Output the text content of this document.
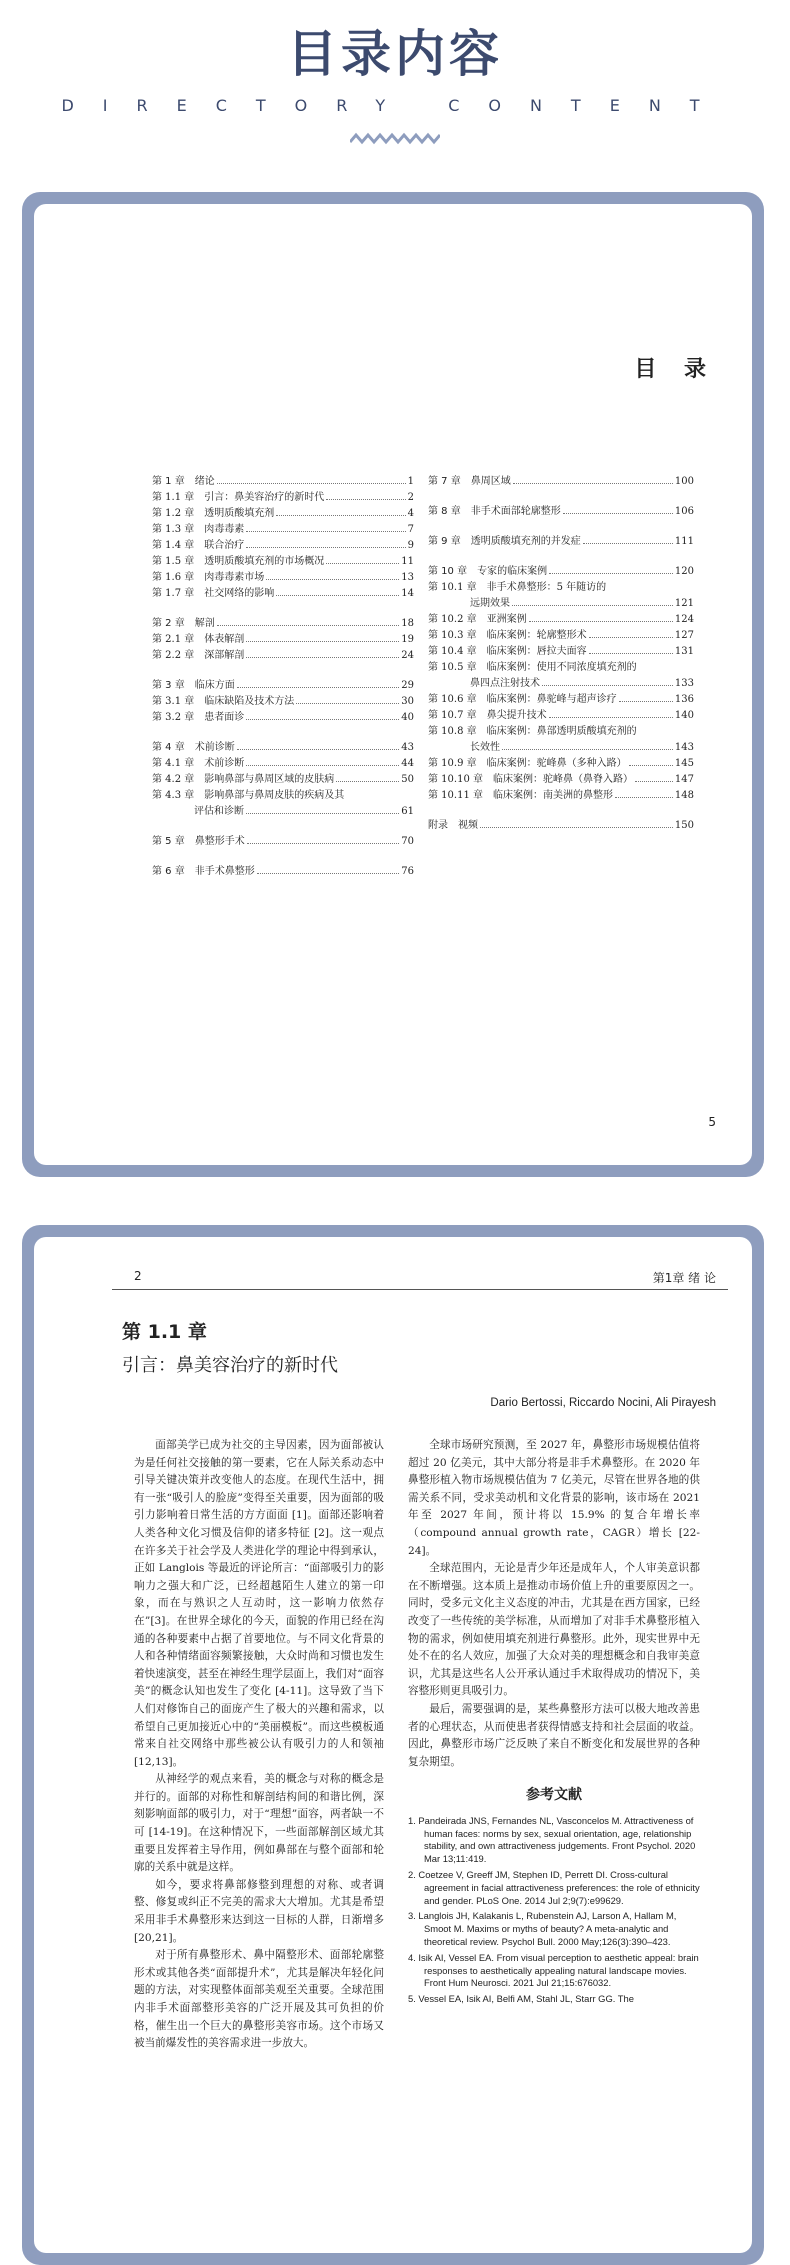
目录内容
DIRECTORY CONTENT
目 录
第 1 章　绪论	1
第 1.1 章　引言：鼻美容治疗的新时代	2
第 1.2 章　透明质酸填充剂	4
第 1.3 章　肉毒毒素	7
第 1.4 章　联合治疗	9
第 1.5 章　透明质酸填充剂的市场概况	11
第 1.6 章　肉毒毒素市场	13
第 1.7 章　社交网络的影响	14
第 2 章　解剖	18
第 2.1 章　体表解剖	19
第 2.2 章　深部解剖	24
第 3 章　临床方面	29
第 3.1 章　临床缺陷及技术方法	30
第 3.2 章　患者面诊	40
第 4 章　术前诊断	43
第 4.1 章　术前诊断	44
第 4.2 章　影响鼻部与鼻周区域的皮肤病	50
第 4.3 章　影响鼻部与鼻周皮肤的疾病及其
评估和诊断	61
第 5 章　鼻整形手术	70
第 6 章　非手术鼻整形	76
第 7 章　鼻周区域	100
第 8 章　非手术面部轮廓整形	106
第 9 章　透明质酸填充剂的并发症	111
第 10 章　专家的临床案例	120
第 10.1 章　非手术鼻整形：5 年随访的
远期效果	121
第 10.2 章　亚洲案例	124
第 10.3 章　临床案例：轮廓整形术	127
第 10.4 章　临床案例：唇拉夫面容	131
第 10.5 章　临床案例：使用不同浓度填充剂的
鼻四点注射技术	133
第 10.6 章　临床案例：鼻驼峰与超声诊疗	136
第 10.7 章　鼻尖提升技术	140
第 10.8 章　临床案例：鼻部透明质酸填充剂的
长效性	143
第 10.9 章　临床案例：驼峰鼻（多种入路）	145
第 10.10 章　临床案例：驼峰鼻（鼻脊入路）	147
第 10.11 章　临床案例：南美洲的鼻整形	148
附录　视频	150
5
2	第1章 绪 论
第 1.1 章
引言：鼻美容治疗的新时代
Dario Bertossi, Riccardo Nocini, Ali Pirayesh

面部美学已成为社交的主导因素，因为面部被认为是任何社交接触的第一要素，它在人际关系动态中引导关键决策并改变他人的态度。在现代生活中，拥有一张“吸引人的脸庞”变得至关重要，因为面部的吸引力影响着日常生活的方方面面 [1]。面部还影响着人类各种文化习惯及信仰的诸多特征 [2]。这一观点在许多关于社会学及人类进化学的理论中得到承认，正如 Langlois 等最近的评论所言：“面部吸引力的影响力之强大和广泛，已经超越陌生人建立的第一印象，而在与熟识之人互动时，这一影响力依然存在”[3]。在世界全球化的今天，面貌的作用已经在沟通的各种要素中占据了首要地位。与不同文化背景的人和各种情绪面容频繁接触，大众时尚和习惯也发生着快速演变，甚至在神经生理学层面上，我们对“面容美”的概念认知也发生了变化 [4-11]。这导致了当下人们对修饰自己的面庞产生了极大的兴趣和需求，以希望自己更加接近心中的“美丽模板”。而这些模板通常来自社交网络中那些被公认有吸引力的人和领袖 [12,13]。

从神经学的观点来看，美的概念与对称的概念是并行的。面部的对称性和解剖结构间的和谐比例，深刻影响面部的吸引力，对于“理想”面容，两者缺一不可 [14-19]。在这种情况下，一些面部解剖区域尤其重要且发挥着主导作用，例如鼻部在与整个面部和轮廓的关系中就是这样。

如今，要求将鼻部修整到理想的对称、或者调整、修复或纠正不完美的需求大大增加。尤其是希望采用非手术鼻整形来达到这一目标的人群，日渐增多 [20,21]。

对于所有鼻整形术、鼻中隔整形术、面部轮廓整形术或其他各类“面部提升术”，尤其是解决年轻化问题的方法，对实现整体面部美观至关重要。全球范围内非手术面部整形美容的广泛开展及其可负担的价格，催生出一个巨大的鼻整形美容市场。这个市场又被当前爆发性的美容需求进一步放大。

全球市场研究预测，至 2027 年，鼻整形市场规模估值将超过 20 亿美元，其中大部分将是非手术鼻整形。在 2020 年鼻整形植入物市场规模估值为 7 亿美元，尽管在世界各地的供需关系不同，受求美动机和文化背景的影响，该市场在 2021 年至 2027 年间，预计将以 15.9% 的复合年增长率（compound annual growth rate，CAGR）增长 [22-24]。

全球范围内，无论是青少年还是成年人，个人审美意识都在不断增强。这本质上是推动市场价值上升的重要原因之一。同时，受多元文化主义态度的冲击，尤其是在西方国家，已经改变了一些传统的美学标准，从而增加了对非手术鼻整形植入物的需求，例如使用填充剂进行鼻整形。此外，现实世界中无处不在的名人效应，加强了大众对美的理想概念和自我审美意识，尤其是这些名人公开承认通过手术取得成功的情况下，美容整形则更具吸引力。

最后，需要强调的是，某些鼻整形方法可以极大地改善患者的心理状态，从而使患者获得情感支持和社会层面的收益。因此，鼻整形市场广泛反映了来自不断变化和发展世界的各种复杂期望。

参考文献
1. Pandeirada JNS, Fernandes NL, Vasconcelos M. Attractiveness of human faces: norms by sex, sexual orientation, age, relationship stability, and own attractiveness judgements. Front Psychol. 2020 Mar 13;11:419.
2. Coetzee V, Greeff JM, Stephen ID, Perrett DI. Cross-cultural agreement in facial attractiveness preferences: the role of ethnicity and gender. PLoS One. 2014 Jul 2;9(7):e99629.
3. Langlois JH, Kalakanis L, Rubenstein AJ, Larson A, Hallam M, Smoot M. Maxims or myths of beauty? A meta-analytic and theoretical review. Psychol Bull. 2000 May;126(3):390–423.
4. Isik AI, Vessel EA. From visual perception to aesthetic appeal: brain responses to aesthetically appealing natural landscape movies. Front Hum Neurosci. 2021 Jul 21;15:676032.
5. Vessel EA, Isik AI, Belfi AM, Stahl JL, Starr GG. The
